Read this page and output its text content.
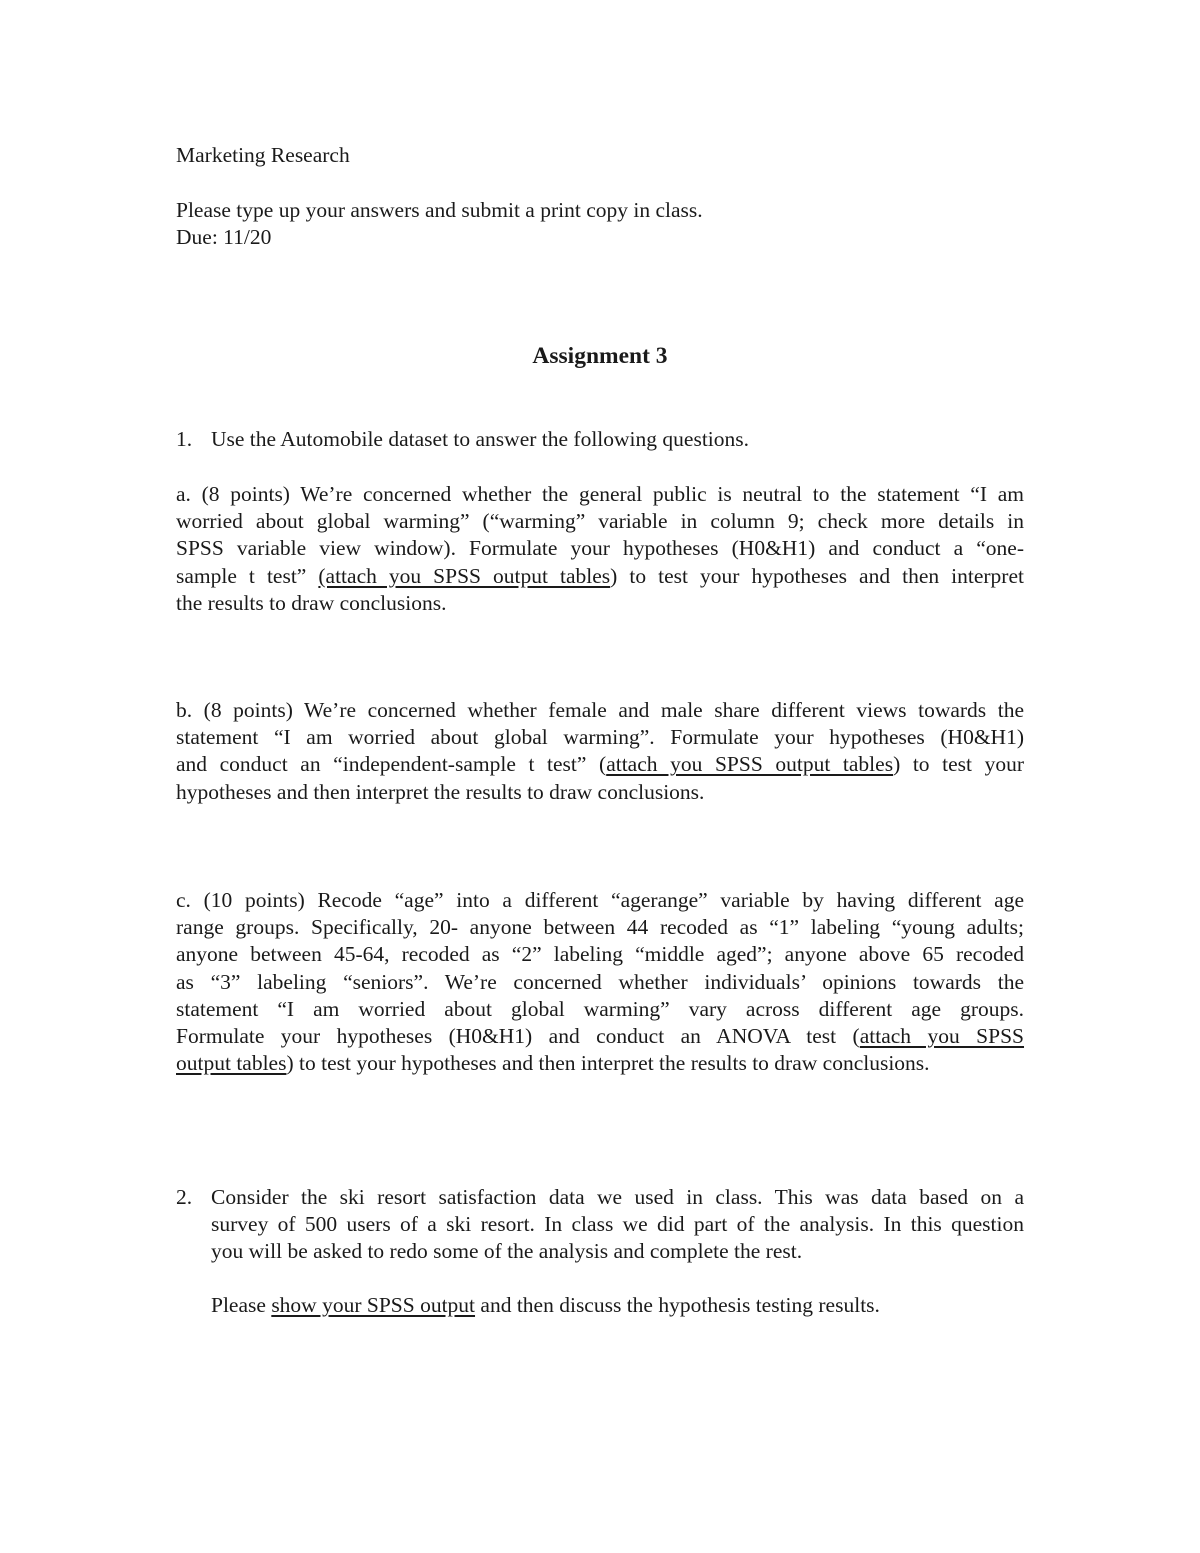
Marketing Research
Please type up your answers and submit a print copy in class.
Due: 11/20
Assignment 3
1. Use the Automobile dataset to answer the following questions.
a. (8 points) We’re concerned whether the general public is neutral to the statement “I am
worried about global warming” (“warming” variable in column 9; check more details in
SPSS variable view window). Formulate your hypotheses (H0&H1) and conduct a “one-
sample t test” (attach you SPSS output tables) to test your hypotheses and then interpret
the results to draw conclusions.
b. (8 points) We’re concerned whether female and male share different views towards the
statement “I am worried about global warming”. Formulate your hypotheses (H0&H1)
and conduct an “independent-sample t test” (attach you SPSS output tables) to test your
hypotheses and then interpret the results to draw conclusions.
c. (10 points) Recode “age” into a different “agerange” variable by having different age
range groups. Specifically, 20- anyone between 44 recoded as “1” labeling “young adults;
anyone between 45-64, recoded as “2” labeling “middle aged”; anyone above 65 recoded
as “3” labeling “seniors”. We’re concerned whether individuals’ opinions towards the
statement “I am worried about global warming” vary across different age groups.
Formulate your hypotheses (H0&H1) and conduct an ANOVA test (attach you SPSS
output tables) to test your hypotheses and then interpret the results to draw conclusions.
2. Consider the ski resort satisfaction data we used in class. This was data based on a
survey of 500 users of a ski resort. In class we did part of the analysis. In this question
you will be asked to redo some of the analysis and complete the rest.
Please show your SPSS output and then discuss the hypothesis testing results.
